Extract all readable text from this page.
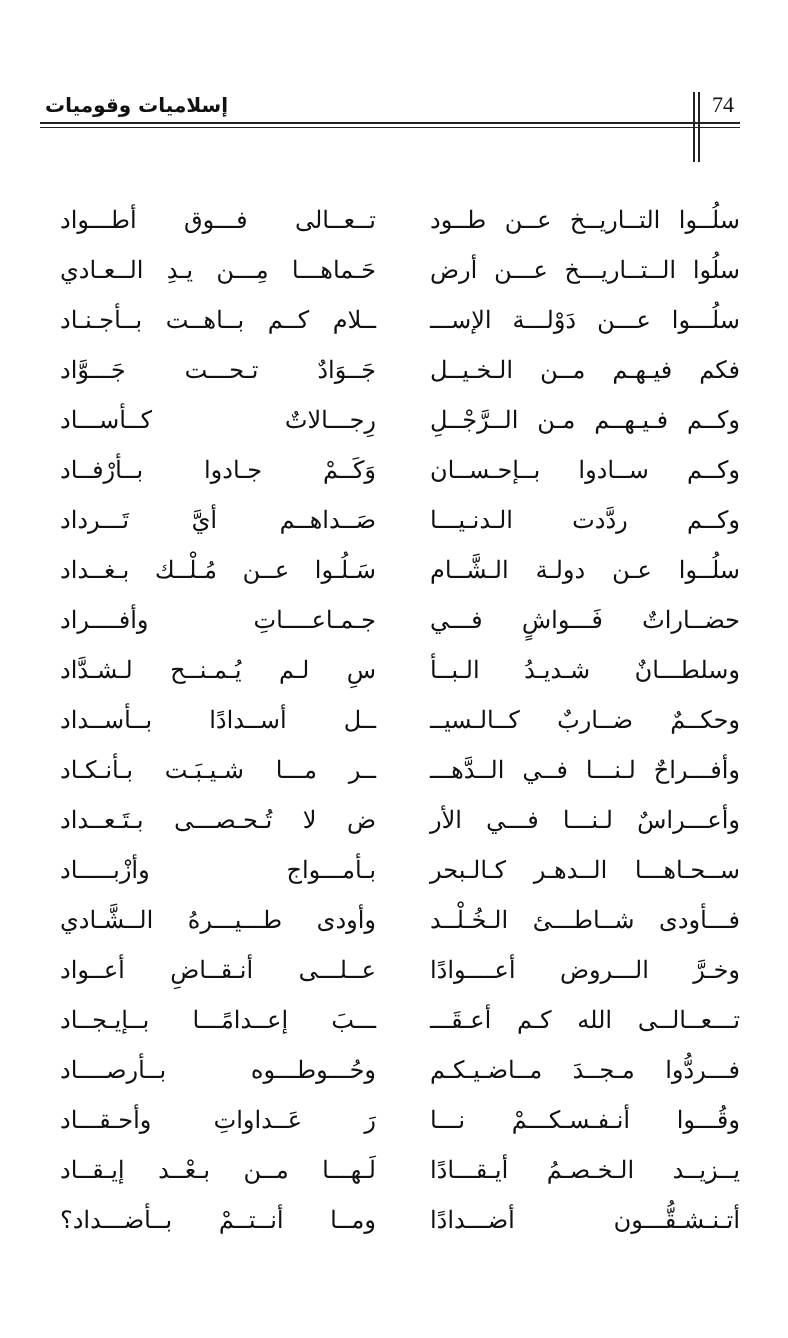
إسلاميات وقوميات	74
سلُــوا التــاريــخ عــن طــود
تــعــالى فـــوق أطـــواد
سلُوا الــتــاريـــخ عـــن أرض
حَـماهـــا مِـــن يـدِ الــعـادي
سلُـــوا عـــن دَوْلـــة الإســـ
ــلام كــم بــاهــت بــأجـنـاد
فكم فيـهـم مــن الـخـيــل
جَــوَادٌ تـحـــت جَـــوَّاد
وكــم فـيـهــم مـن الــرَّجْــلِ
رِجـــالاتٌ كــأســـاد
وكــم ســادوا بــإحـســان
وَكَــمْ جـادوا بــأرْفــاد
وكــم ردَّدت الـدنـيـــا
صَــداهــم أيَّ تَـــرداد
سلُــوا عـن دولـة الـشَّــام
سَـلُـوا عــن مُـلْــك بـغــداد
حضــاراتٌ فَـــواشٍ فـــي
جـمـاعــــاتِ وأفــــراد
وسلطـــانٌ شـديـدُ الـبــأ
سِ لـم يُـمـنــح لـشـدَّاد
وحكــمٌ ضــاربٌ كــالـسيــ
ــل أســدادًا بــأســداد
وأفـــراحٌ لـنـــا فــي الــدَّهـــ
ــر مـــا شـيـبَـت بـأنـكـاد
وأعـــراسٌ لـنـــا فـــي الأر
ض لا تُـحـصـــى بـتَـعــداد
ســحـاهـــا الــدهـر كـالـبحر
بـأمـــواج وأزْبـــــاد
فـــأودى شــاطـــئ الـخُـلْــد
وأودى طـــيـــرهُ الــشَّـادي
وخـرَّ الـــروض أعــــوادًا
عــلـــى أنـقــاضِ أعــواد
تـــعــالــى الله كـم أعـقَـــ
ـــبَ إعــدامًـــا بــإيـجــاد
فـــردُّوا مـجــدَ مــاضـيـكـم
وحُـــوطـــوه بــأرصــــاد
وقُـــوا أنـفـسـكـــمْ نـــا
رَ عَــداواتِ وأحـقـــاد
يــزيــد الـخـصـمُ أيـقـــادًا
لَـهـــا مــن بـعْــد إيـقــاد
أتـنـشـقُّـــون أضـــدادًا
ومــا أنــتــمْ بــأضـــداد؟
